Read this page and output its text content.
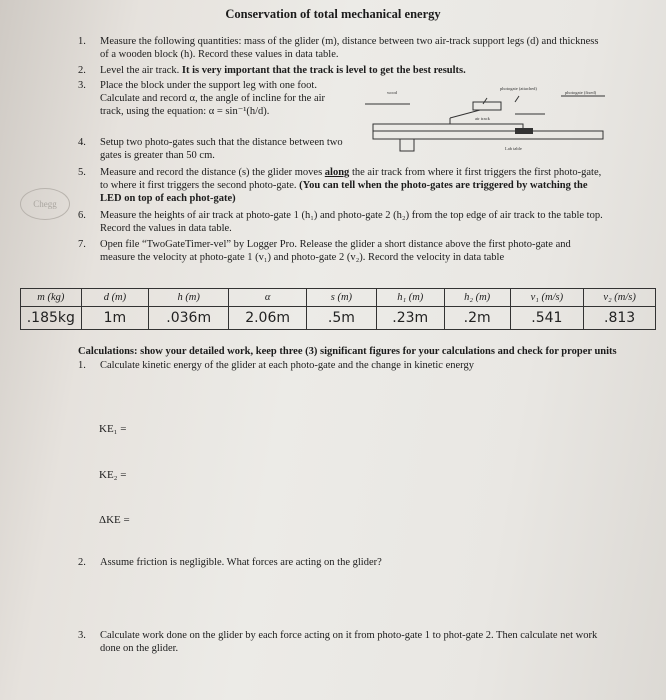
Conservation of total mechanical energy
1. Measure the following quantities: mass of the glider (m), distance between two air-track support legs (d) and thickness of a wooden block (h). Record these values in data table.
2. Level the air track. It is very important that the track is level to get the best results.
3. Place the block under the support leg with one foot. Calculate and record α, the angle of incline for the air track, using the equation: α = sin⁻¹(h/d).
4. Setup two photo-gates such that the distance between two gates is greater than 50 cm.
wood
photogate (attached)
photogate (fixed)
air track
Lab table
5. Measure and record the distance (s) the glider moves along the air track from where it first triggers the first photo-gate, to where it first triggers the second photo-gate. (You can tell when the photo-gates are triggered by watching the LED on top of each phot-gate)
6. Measure the heights of air track at photo-gate 1 (h₁) and photo-gate 2 (h₂) from the top edge of air track to the table top. Record the values in data table.
7. Open file “TwoGateTimer-vel” by Logger Pro. Release the glider a short distance above the first photo-gate and measure the velocity at photo-gate 1 (v₁) and photo-gate 2 (v₂). Record the velocity in data table
m (kg)	d (m)	h (m)	α	s (m)	h₁ (m)	h₂ (m)	v₁ (m/s)	v₂ (m/s)
.185kg	1m	.036m	2.06m	.5m	.23m	.2m	.541	.813
Calculations: show your detailed work, keep three (3) significant figures for your calculations and check for proper units
1. Calculate kinetic energy of the glider at each photo-gate and the change in kinetic energy
KE₁ =
KE₂ =
ΔKE =
2. Assume friction is negligible. What forces are acting on the glider?
3. Calculate work done on the glider by each force acting on it from photo-gate 1 to phot-gate 2. Then calculate net work done on the glider.
Chegg
